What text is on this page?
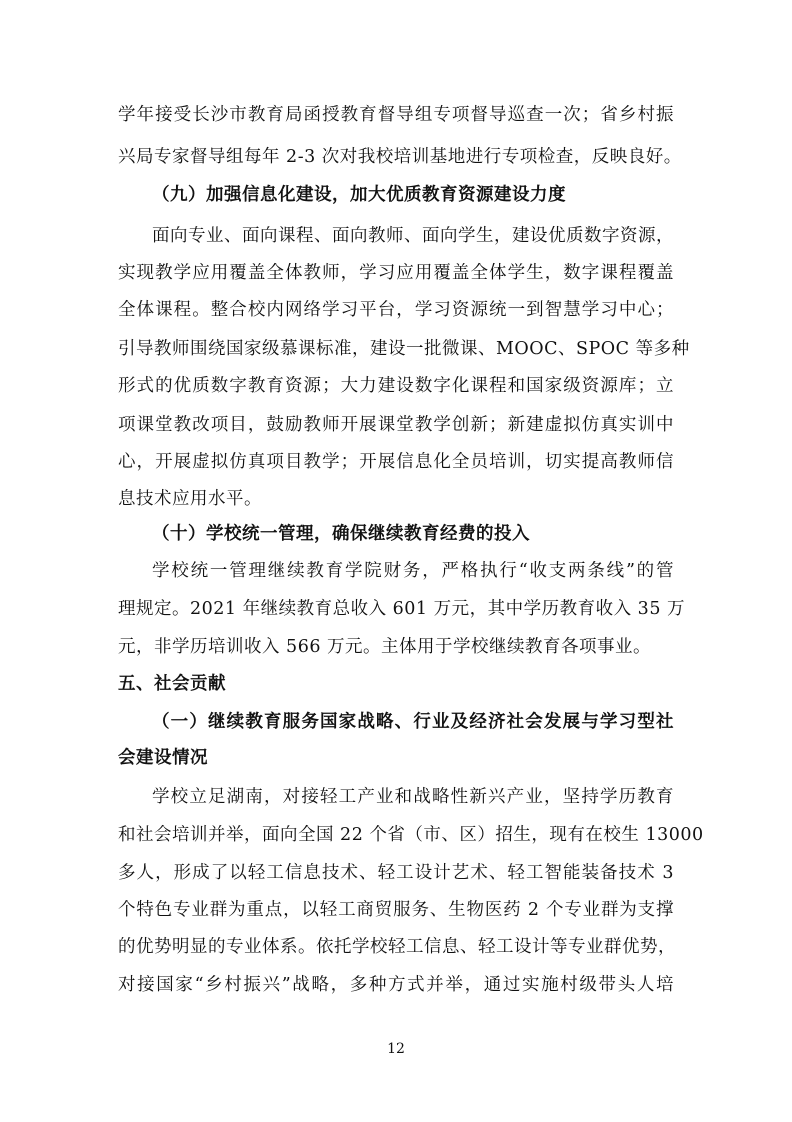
学年接受长沙市教育局函授教育督导组专项督导巡查一次；省乡村振
兴局专家督导组每年 2-3 次对我校培训基地进行专项检查，反映良好。
（九）加强信息化建设，加大优质教育资源建设力度
面向专业、面向课程、面向教师、面向学生，建设优质数字资源，
实现教学应用覆盖全体教师，学习应用覆盖全体学生，数字课程覆盖
全体课程。整合校内网络学习平台，学习资源统一到智慧学习中心；
引导教师围绕国家级慕课标准，建设一批微课、MOOC、SPOC 等多种
形式的优质数字教育资源；大力建设数字化课程和国家级资源库；立
项课堂教改项目，鼓励教师开展课堂教学创新；新建虚拟仿真实训中
心，开展虚拟仿真项目教学；开展信息化全员培训，切实提高教师信
息技术应用水平。
（十）学校统一管理，确保继续教育经费的投入
学校统一管理继续教育学院财务，严格执行“收支两条线”的管
理规定。2021 年继续教育总收入 601 万元，其中学历教育收入 35 万
元，非学历培训收入 566 万元。主体用于学校继续教育各项事业。
五、社会贡献
（一）继续教育服务国家战略、行业及经济社会发展与学习型社
会建设情况
学校立足湖南，对接轻工产业和战略性新兴产业，坚持学历教育
和社会培训并举，面向全国 22 个省（市、区）招生，现有在校生 13000
多人，形成了以轻工信息技术、轻工设计艺术、轻工智能装备技术 3
个特色专业群为重点，以轻工商贸服务、生物医药 2 个专业群为支撑
的优势明显的专业体系。依托学校轻工信息、轻工设计等专业群优势，
对接国家“乡村振兴”战略，多种方式并举，通过实施村级带头人培
12
